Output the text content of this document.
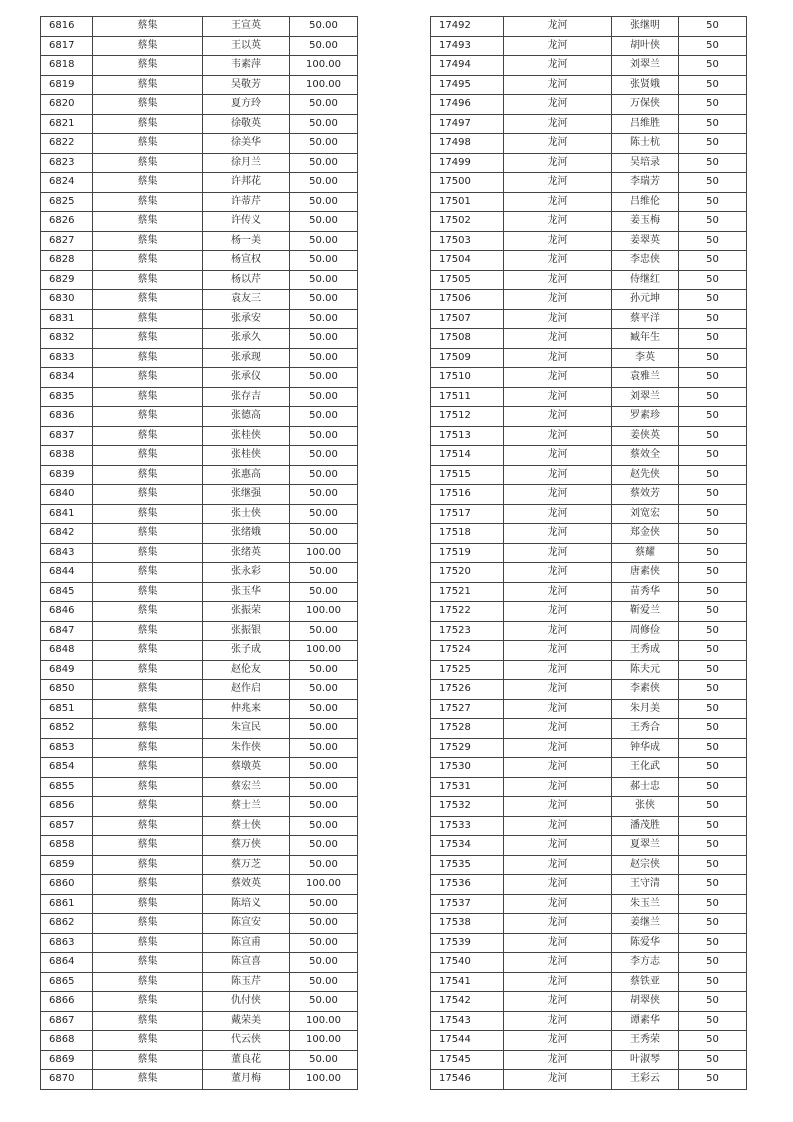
6816	蔡集	王宣英	50.00
6817	蔡集	王以英	50.00
6818	蔡集	韦素萍	100.00
6819	蔡集	吴敬芳	100.00
6820	蔡集	夏方玲	50.00
6821	蔡集	徐敬英	50.00
6822	蔡集	徐美华	50.00
6823	蔡集	徐月兰	50.00
6824	蔡集	许邦花	50.00
6825	蔡集	许蒂芹	50.00
6826	蔡集	许传义	50.00
6827	蔡集	杨一美	50.00
6828	蔡集	杨宣权	50.00
6829	蔡集	杨以芹	50.00
6830	蔡集	袁友三	50.00
6831	蔡集	张承安	50.00
6832	蔡集	张承久	50.00
6833	蔡集	张承现	50.00
6834	蔡集	张承仪	50.00
6835	蔡集	张存吉	50.00
6836	蔡集	张德高	50.00
6837	蔡集	张桂侠	50.00
6838	蔡集	张桂侠	50.00
6839	蔡集	张惠高	50.00
6840	蔡集	张继强	50.00
6841	蔡集	张士侠	50.00
6842	蔡集	张绪娥	50.00
6843	蔡集	张绪英	100.00
6844	蔡集	张永彩	50.00
6845	蔡集	张玉华	50.00
6846	蔡集	张振荣	100.00
6847	蔡集	张振银	50.00
6848	蔡集	张子成	100.00
6849	蔡集	赵伦友	50.00
6850	蔡集	赵作启	50.00
6851	蔡集	仲兆来	50.00
6852	蔡集	朱宣民	50.00
6853	蔡集	朱作侠	50.00
6854	蔡集	蔡墩英	50.00
6855	蔡集	蔡宏兰	50.00
6856	蔡集	蔡士兰	50.00
6857	蔡集	蔡士侠	50.00
6858	蔡集	蔡万侠	50.00
6859	蔡集	蔡万芝	50.00
6860	蔡集	蔡效英	100.00
6861	蔡集	陈培义	50.00
6862	蔡集	陈宣安	50.00
6863	蔡集	陈宣甫	50.00
6864	蔡集	陈宣喜	50.00
6865	蔡集	陈玉芹	50.00
6866	蔡集	仇付侠	50.00
6867	蔡集	戴荣美	100.00
6868	蔡集	代云侠	100.00
6869	蔡集	董良花	50.00
6870	蔡集	董月梅	100.00
17492	龙河	张继明	50
17493	龙河	胡叶侠	50
17494	龙河	刘翠兰	50
17495	龙河	张贤娥	50
17496	龙河	万保侠	50
17497	龙河	吕维胜	50
17498	龙河	陈士杭	50
17499	龙河	吴培录	50
17500	龙河	李瑞芳	50
17501	龙河	吕维伦	50
17502	龙河	姜玉梅	50
17503	龙河	姜翠英	50
17504	龙河	李忠侠	50
17505	龙河	侍继红	50
17506	龙河	孙元坤	50
17507	龙河	蔡平洋	50
17508	龙河	臧年生	50
17509	龙河	李英	50
17510	龙河	袁雅兰	50
17511	龙河	刘翠兰	50
17512	龙河	罗素珍	50
17513	龙河	姜侠英	50
17514	龙河	蔡效全	50
17515	龙河	赵先侠	50
17516	龙河	蔡效芳	50
17517	龙河	刘宽宏	50
17518	龙河	郑金侠	50
17519	龙河	蔡耀	50
17520	龙河	唐素侠	50
17521	龙河	苗秀华	50
17522	龙河	靳爱兰	50
17523	龙河	周修俭	50
17524	龙河	王秀成	50
17525	龙河	陈夫元	50
17526	龙河	李素侠	50
17527	龙河	朱月美	50
17528	龙河	王秀合	50
17529	龙河	钟华成	50
17530	龙河	王化武	50
17531	龙河	郝士忠	50
17532	龙河	张侠	50
17533	龙河	潘茂胜	50
17534	龙河	夏翠兰	50
17535	龙河	赵宗侠	50
17536	龙河	王守清	50
17537	龙河	朱玉兰	50
17538	龙河	姜继兰	50
17539	龙河	陈爱华	50
17540	龙河	李方志	50
17541	龙河	蔡铁亚	50
17542	龙河	胡翠侠	50
17543	龙河	谭素华	50
17544	龙河	王秀荣	50
17545	龙河	叶淑琴	50
17546	龙河	王彩云	50
